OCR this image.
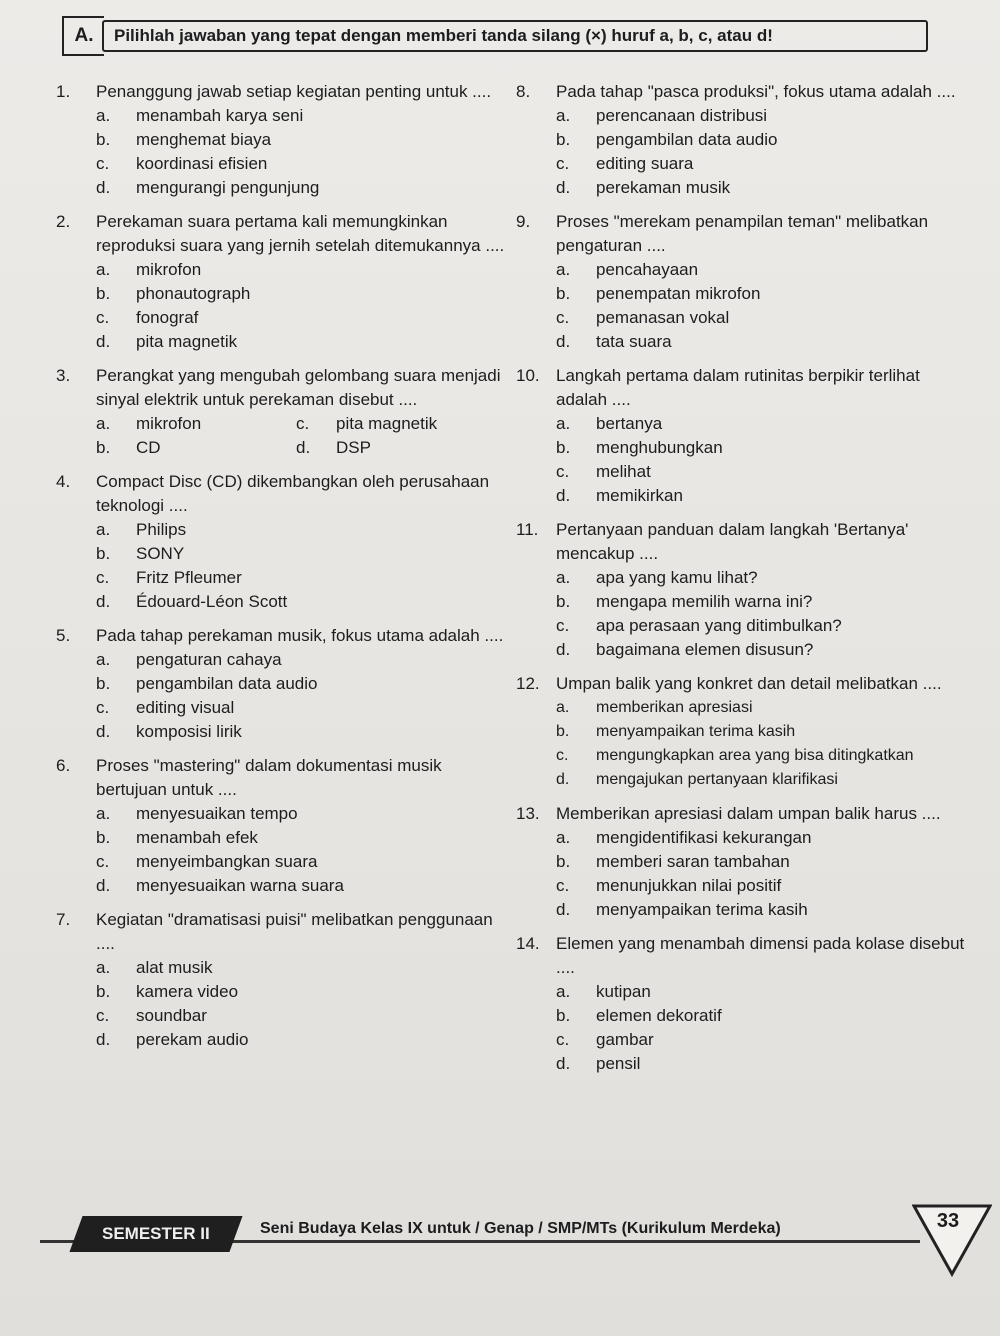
A.	Pilihlah jawaban yang tepat dengan memberi tanda silang (×) huruf a, b, c, atau d!
1.	Penanggung jawab setiap kegiatan penting untuk ....
a.	menambah karya seni
b.	menghemat biaya
c.	koordinasi efisien
d.	mengurangi pengunjung
2.	Perekaman suara pertama kali memungkinkan reproduksi suara yang jernih setelah ditemukannya ....
a.	mikrofon
b.	phonautograph
c.	fonograf
d.	pita magnetik
3.	Perangkat yang mengubah gelombang suara menjadi sinyal elektrik untuk perekaman disebut ....
a.	mikrofon	c.	pita magnetik
b.	CD	d.	DSP
4.	Compact Disc (CD) dikembangkan oleh perusahaan teknologi ....
a.	Philips
b.	SONY
c.	Fritz Pfleumer
d.	Édouard-Léon Scott
5.	Pada tahap perekaman musik, fokus utama adalah ....
a.	pengaturan cahaya
b.	pengambilan data audio
c.	editing visual
d.	komposisi lirik
6.	Proses "mastering" dalam dokumentasi musik bertujuan untuk ....
a.	menyesuaikan tempo
b.	menambah efek
c.	menyeimbangkan suara
d.	menyesuaikan warna suara
7.	Kegiatan "dramatisasi puisi" melibatkan penggunaan ....
a.	alat musik
b.	kamera video
c.	soundbar
d.	perekam audio
8.	Pada tahap "pasca produksi", fokus utama adalah ....
a.	perencanaan distribusi
b.	pengambilan data audio
c.	editing suara
d.	perekaman musik
9.	Proses "merekam penampilan teman" melibatkan pengaturan ....
a.	pencahayaan
b.	penempatan mikrofon
c.	pemanasan vokal
d.	tata suara
10. Langkah pertama dalam rutinitas berpikir terlihat adalah ....
a.	bertanya
b.	menghubungkan
c.	melihat
d.	memikirkan
11.	Pertanyaan panduan dalam langkah 'Bertanya' mencakup ....
a.	apa yang kamu lihat?
b.	mengapa memilih warna ini?
c.	apa perasaan yang ditimbulkan?
d.	bagaimana elemen disusun?
12. Umpan balik yang konkret dan detail melibatkan ....
a.	memberikan apresiasi
b.	menyampaikan terima kasih
c.	mengungkapkan area yang bisa ditingkatkan
d.	mengajukan pertanyaan klarifikasi
13. Memberikan apresiasi dalam umpan balik harus ....
a.	mengidentifikasi kekurangan
b.	memberi saran tambahan
c.	menunjukkan nilai positif
d.	menyampaikan terima kasih
14. Elemen yang menambah dimensi pada kolase disebut ....
a.	kutipan
b.	elemen dekoratif
c.	gambar
d.	pensil
SEMESTER II	Seni Budaya Kelas IX untuk / Genap / SMP/MTs (Kurikulum Merdeka)	33
